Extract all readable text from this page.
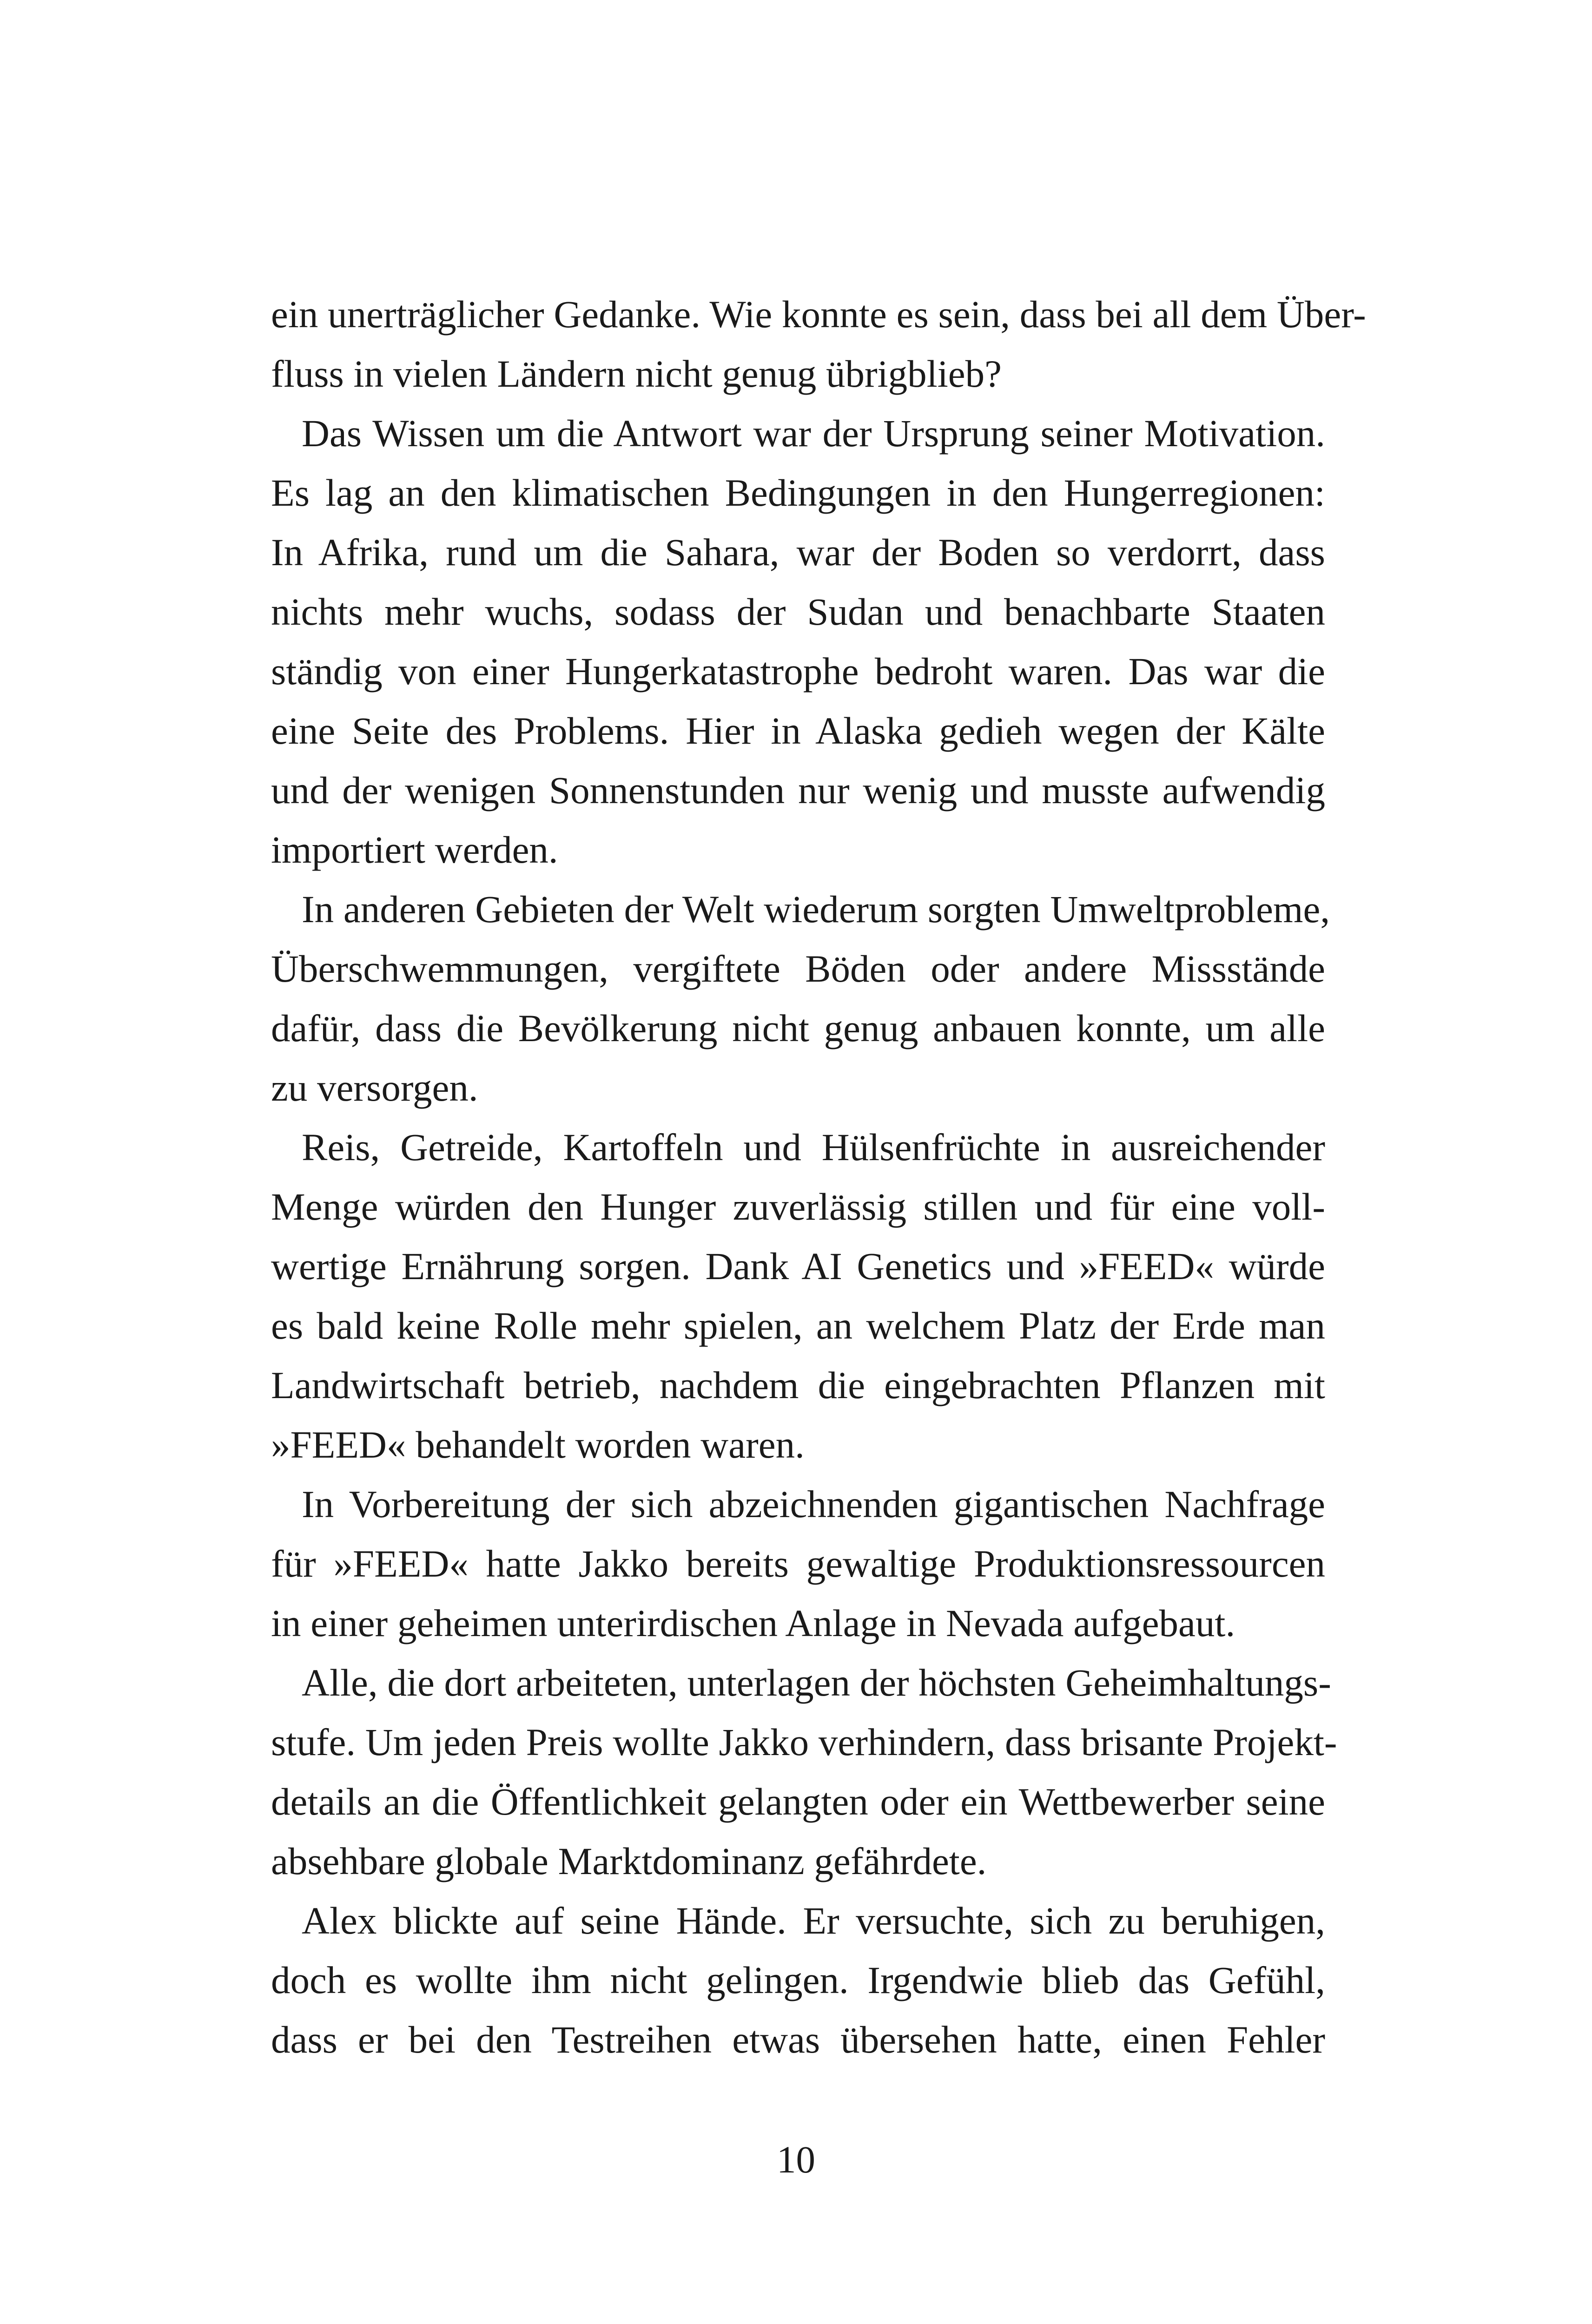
ein unerträglicher Gedanke. Wie konnte es sein, dass bei all dem Über-
fluss in vielen Ländern nicht genug übrigblieb?
Das Wissen um die Antwort war der Ursprung seiner Motivation.
Es lag an den klimatischen Bedingungen in den Hungerregionen:
In Afrika, rund um die Sahara, war der Boden so verdorrt, dass
nichts mehr wuchs, sodass der Sudan und benachbarte Staaten
ständig von einer Hungerkatastrophe bedroht waren. Das war die
eine Seite des Problems. Hier in Alaska gedieh wegen der Kälte
und der wenigen Sonnenstunden nur wenig und musste aufwendig
importiert werden.
In anderen Gebieten der Welt wiederum sorgten Umweltprobleme,
Überschwemmungen, vergiftete Böden oder andere Missstände
dafür, dass die Bevölkerung nicht genug anbauen konnte, um alle
zu versorgen.
Reis, Getreide, Kartoffeln und Hülsenfrüchte in ausreichender
Menge würden den Hunger zuverlässig stillen und für eine voll-
wertige Ernährung sorgen. Dank AI Genetics und »FEED« würde
es bald keine Rolle mehr spielen, an welchem Platz der Erde man
Landwirtschaft betrieb, nachdem die eingebrachten Pflanzen mit
»FEED« behandelt worden waren.
In Vorbereitung der sich abzeichnenden gigantischen Nachfrage
für »FEED« hatte Jakko bereits gewaltige Produktionsressourcen
in einer geheimen unterirdischen Anlage in Nevada aufgebaut.
Alle, die dort arbeiteten, unterlagen der höchsten Geheimhaltungs-
stufe. Um jeden Preis wollte Jakko verhindern, dass brisante Projekt-
details an die Öffentlichkeit gelangten oder ein Wettbewerber seine
absehbare globale Marktdominanz gefährdete.
Alex blickte auf seine Hände. Er versuchte, sich zu beruhigen,
doch es wollte ihm nicht gelingen. Irgendwie blieb das Gefühl,
dass er bei den Testreihen etwas übersehen hatte, einen Fehler
10
